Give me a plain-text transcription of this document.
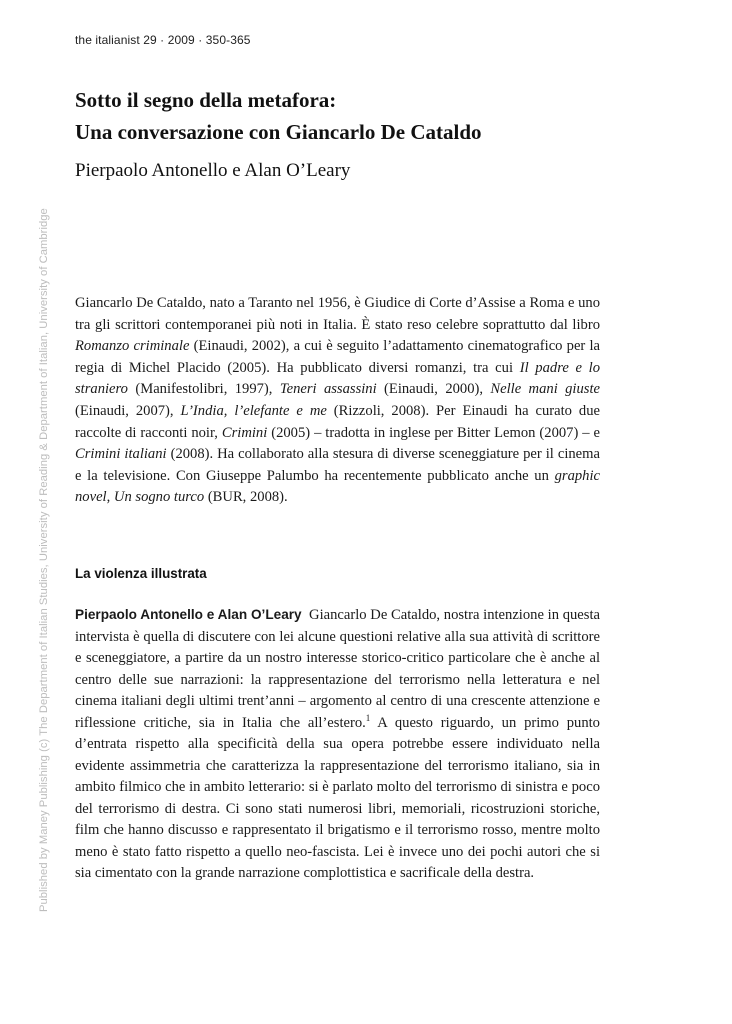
the italianist 29 · 2009 · 350-365
Published by Maney Publishing (c) The Department of Italian Studies, University of Reading & Department of Italian, University of Cambridge
Sotto il segno della metafora:
Una conversazione con Giancarlo De Cataldo

Pierpaolo Antonello e Alan O’Leary

Giancarlo De Cataldo, nato a Taranto nel 1956, è Giudice di Corte d’Assise a Roma e uno tra gli scrittori contemporanei più noti in Italia. È stato reso celebre soprattutto dal libro Romanzo criminale (Einaudi, 2002), a cui è seguito l’adattamento cinematografico per la regia di Michel Placido (2005). Ha pubblicato diversi romanzi, tra cui Il padre e lo straniero (Manifestolibri, 1997), Teneri assassini (Einaudi, 2000), Nelle mani giuste (Einaudi, 2007), L’India, l’elefante e me (Rizzoli, 2008). Per Einaudi ha curato due raccolte di racconti noir, Crimini (2005) – tradotta in inglese per Bitter Lemon (2007) – e Crimini italiani (2008). Ha collaborato alla stesura di diverse sceneggiature per il cinema e la televisione. Con Giuseppe Palumbo ha recentemente pubblicato anche un graphic novel, Un sogno turco (BUR, 2008).

La violenza illustrata

Pierpaolo Antonello e Alan O’Leary Giancarlo De Cataldo, nostra intenzione in questa intervista è quella di discutere con lei alcune questioni relative alla sua attività di scrittore e sceneggiatore, a partire da un nostro interesse storico-critico particolare che è anche al centro delle sue narrazioni: la rappresentazione del terrorismo nella letteratura e nel cinema italiani degli ultimi trent’anni – argomento al centro di una crescente attenzione e riflessione critiche, sia in Italia che all’estero.$^1$ A questo riguardo, un primo punto d’entrata rispetto alla specificità della sua opera potrebbe essere individuato nella evidente assimmetria che caratterizza la rappresentazione del terrorismo italiano, sia in ambito filmico che in ambito letterario: si è parlato molto del terrorismo di sinistra e poco del terrorismo di destra. Ci sono stati numerosi libri, memoriali, ricostruzioni storiche, film che hanno discusso e rappresentato il brigatismo e il terrorismo rosso, mentre molto meno è stato fatto rispetto a quello neo-fascista. Lei è invece uno dei pochi autori che si sia cimentato con la grande narrazione complottistica e sacrificale della destra.
